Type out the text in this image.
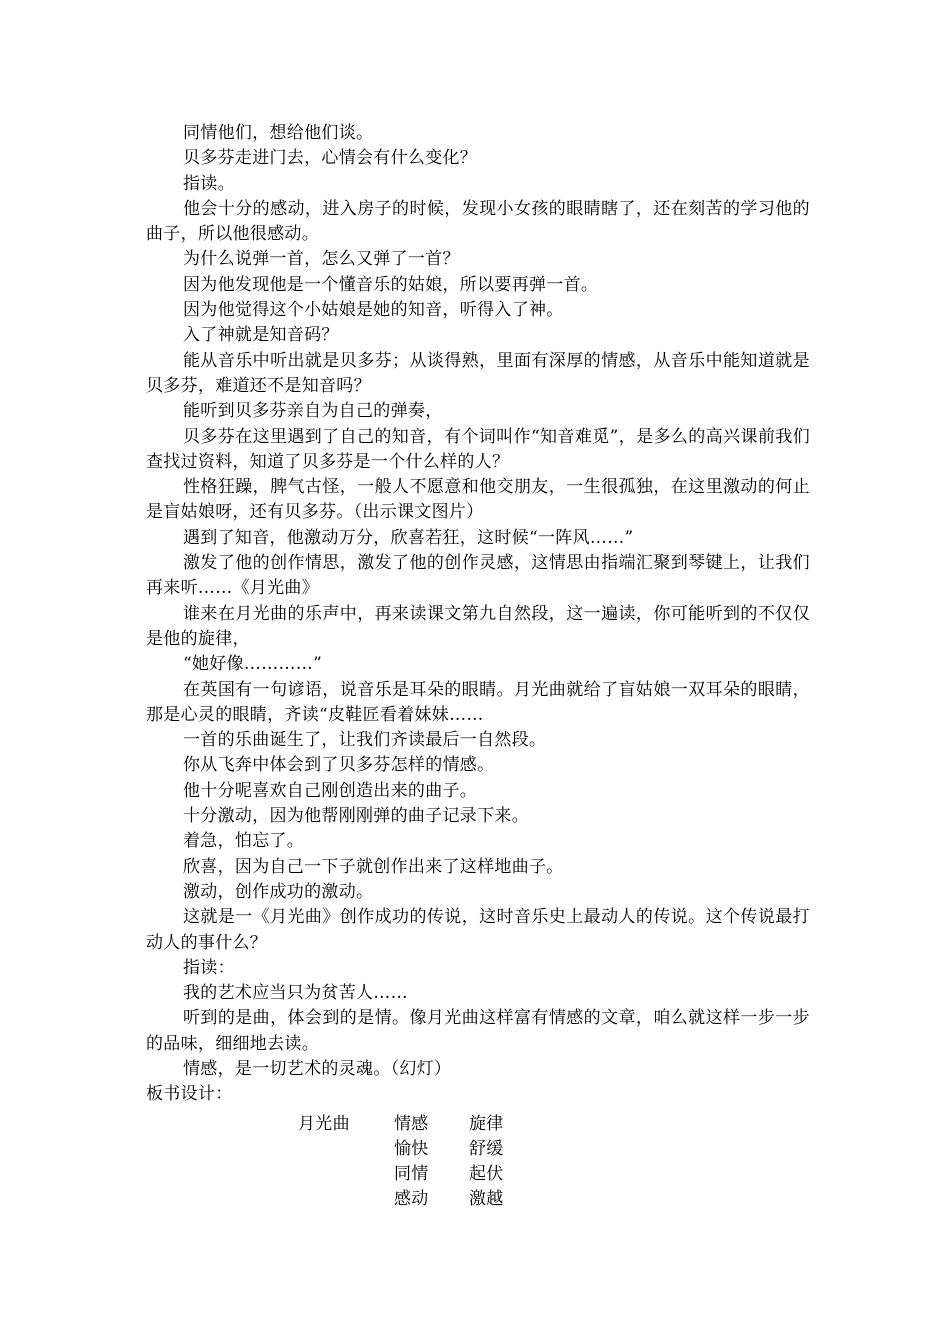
同情他们，想给他们谈。

贝多芬走进门去，心情会有什么变化？

指读。

他会十分的感动，进入房子的时候，发现小女孩的眼睛瞎了，还在刻苦的学习他的曲子，所以他很感动。

为什么说弹一首，怎么又弹了一首？

因为他发现他是一个懂音乐的姑娘，所以要再弹一首。

因为他觉得这个小姑娘是她的知音，听得入了神。

入了神就是知音码？

能从音乐中听出就是贝多芬；从谈得熟，里面有深厚的情感，从音乐中能知道就是贝多芬，难道还不是知音吗？

能听到贝多芬亲自为自己的弹奏，

贝多芬在这里遇到了自己的知音，有个词叫作“知音难觅”，是多么的高兴课前我们查找过资料，知道了贝多芬是一个什么样的人？

性格狂躁，脾气古怪，一般人不愿意和他交朋友，一生很孤独，在这里激动的何止是盲姑娘呀，还有贝多芬。（出示课文图片）

遇到了知音，他激动万分，欣喜若狂，这时候“一阵风……”

激发了他的创作情思，激发了他的创作灵感，这情思由指端汇聚到琴键上，让我们再来听……《月光曲》

谁来在月光曲的乐声中，再来读课文第九自然段，这一遍读，你可能听到的不仅仅是他的旋律，

“她好像…………”

在英国有一句谚语，说音乐是耳朵的眼睛。月光曲就给了盲姑娘一双耳朵的眼睛，那是心灵的眼睛，齐读“皮鞋匠看着妹妹……

一首的乐曲诞生了，让我们齐读最后一自然段。

你从飞奔中体会到了贝多芬怎样的情感。

他十分呢喜欢自己刚创造出来的曲子。

十分激动，因为他帮刚刚弹的曲子记录下来。

着急，怕忘了。

欣喜，因为自己一下子就创作出来了这样地曲子。

激动，创作成功的激动。

这就是一《月光曲》创作成功的传说，这时音乐史上最动人的传说。这个传说最打动人的事什么？

指读：

我的艺术应当只为贫苦人……

听到的是曲，体会到的是情。像月光曲这样富有情感的文章，咱么就这样一步一步的品味，细细地去读。

情感，是一切艺术的灵魂。（幻灯）

板书设计：

月光曲	情感
愉快
同情
感动
旋律
舒缓
起伏
激越
